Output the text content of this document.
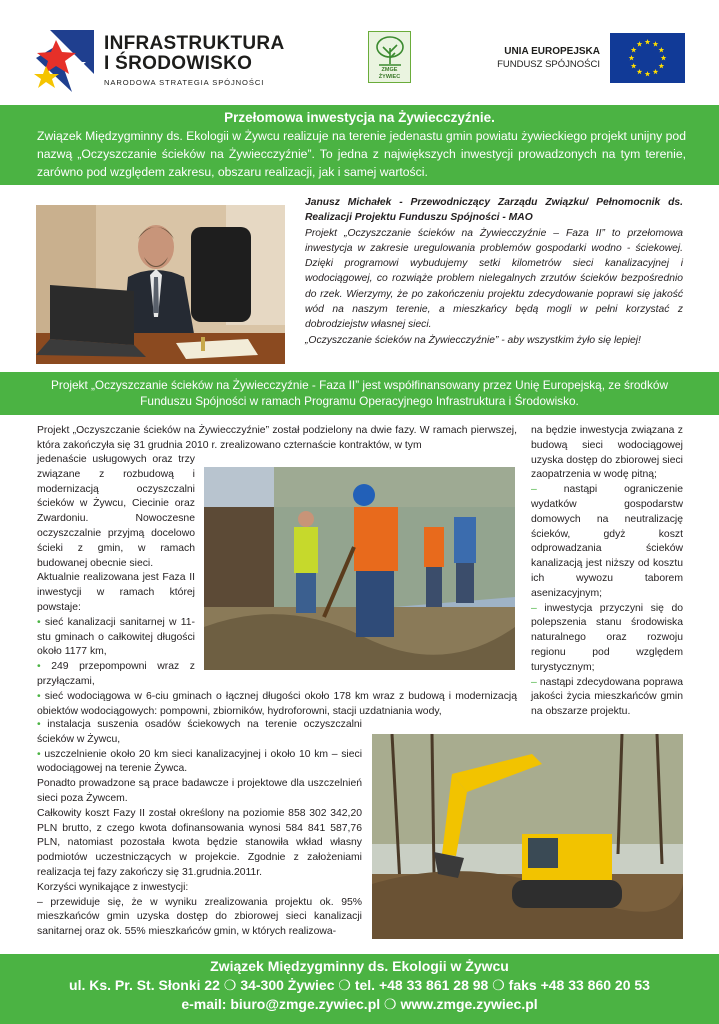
INFRASTRUKTURA
I ŚRODOWISKO
NARODOWA STRATEGIA SPÓJNOŚCI
ZMGE
ŻYWIEC
UNIA EUROPEJSKA
FUNDUSZ SPÓJNOŚCI
Przełomowa inwestycja na Żywiecczyźnie.
Związek Międzygminny ds. Ekologii w Żywcu realizuje na terenie jedenastu gmin powiatu żywieckiego projekt unijny pod nazwą „Oczyszczanie ścieków na Żywiecczyźnie”. To jedna z największych inwestycji prowadzonych na tym terenie, zarówno pod względem zakresu, obszaru realizacji, jak i samej wartości.

Janusz Michałek - Przewodniczący Zarządu Związku/ Pełnomocnik ds. Realizacji Projektu Funduszu Spójności - MAO

Projekt „Oczyszczanie ścieków na Żywiecczyźnie – Faza II” to przełomowa inwestycja w zakresie uregulowania problemów gospodarki wodno - ściekowej. Dzięki programowi wybudujemy setki kilometrów sieci kanalizacyjnej i wodociągowej, co rozwiąże problem nielegalnych zrzutów ścieków bezpośrednio do rzek. Wierzymy, że po zakończeniu projektu zdecydowanie poprawi się jakość wód na naszym terenie, a mieszkańcy będą mogli w pełni korzystać z dobrodziejstw własnej sieci.

„Oczyszczanie ścieków na Żywiecczyźnie” - aby wszystkim żyło się lepiej!

Projekt „Oczyszczanie ścieków na Żywiecczyźnie - Faza II” jest współfinansowany przez Unię Europejską, ze środków Funduszu Spójności w ramach Programu Operacyjnego Infrastruktura i Środowisko.

Projekt „Oczyszczanie ścieków na Żywiecczyźnie” został podzielony na dwie fazy. W ramach pierwszej, która zakończyła się 31 grudnia 2010 r. zrealizowano czternaście kontraktów, w tym

jedenaście usługowych oraz trzy związane z rozbudową i modernizacją oczyszczalni ścieków w Żywcu, Ciecinie oraz Zwardoniu. Nowoczesne oczyszczalnie przyjmą docelowo ścieki z gmin, w ramach budowanej obecnie sieci.

Aktualnie realizowana jest Faza II inwestycji w ramach której powstaje:

• sieć kanalizacji sanitarnej w 11-stu gminach o całkowitej długości około 1177 km,

• 249 przepompowni wraz z przyłączami,

• sieć wodociągowa w 6-ciu gminach o łącznej długości około 178 km wraz z budową i modernizacją obiektów wodociągowych: pompowni, zbiorników, hydroforowni, stacji uzdatniania wody,

• instalacja suszenia osadów ściekowych na terenie oczyszczalni ścieków w Żywcu,

• uszczelnienie około 20 km sieci kanalizacyjnej i około 10 km – sieci wodociągowej na terenie Żywca.

Ponadto prowadzone są prace badawcze i projektowe dla uszczelnień sieci poza Żywcem.

Całkowity koszt Fazy II został określony na poziomie 858 302 342,20 PLN brutto, z czego kwota dofinansowania wynosi 584 841 587,76 PLN, natomiast pozostała kwota będzie stanowiła wkład własny podmiotów uczestniczących w projekcie. Zgodnie z założeniami realizacja tej fazy zakończy się 31.grudnia.2011r.

Korzyści wynikające z inwestycji:

– przewiduje się, że w wyniku zrealizowania projektu ok. 95% mieszkańców gmin uzyska dostęp do zbiorowej sieci kanalizacji sanitarnej oraz ok. 55% mieszkańców gmin, w których realizowa-

na będzie inwestycja związana z budową sieci wodociągowej uzyska dostęp do zbiorowej sieci zaopatrzenia w wodę pitną;

–	nastąpi ograniczenie wydatków gospodarstw domowych na neutralizację ścieków, gdyż koszt odprowadzania ścieków kanalizacją jest niższy od kosztu ich wywozu taborem asenizacyjnym;

– inwestycja przyczyni się do polepszenia stanu środowiska naturalnego oraz rozwoju regionu pod względem turystycznym;

– nastąpi zdecydowana poprawa jakości życia mieszkańców gmin na obszarze projektu.

Związek Międzygminny ds. Ekologii w Żywcu
ul. Ks. Pr. St. Słonki 22 ❍ 34-300 Żywiec ❍ tel. +48 33 861 28 98 ❍ faks +48 33 860 20 53
e-mail: biuro@zmge.zywiec.pl ❍ www.zmge.zywiec.pl
